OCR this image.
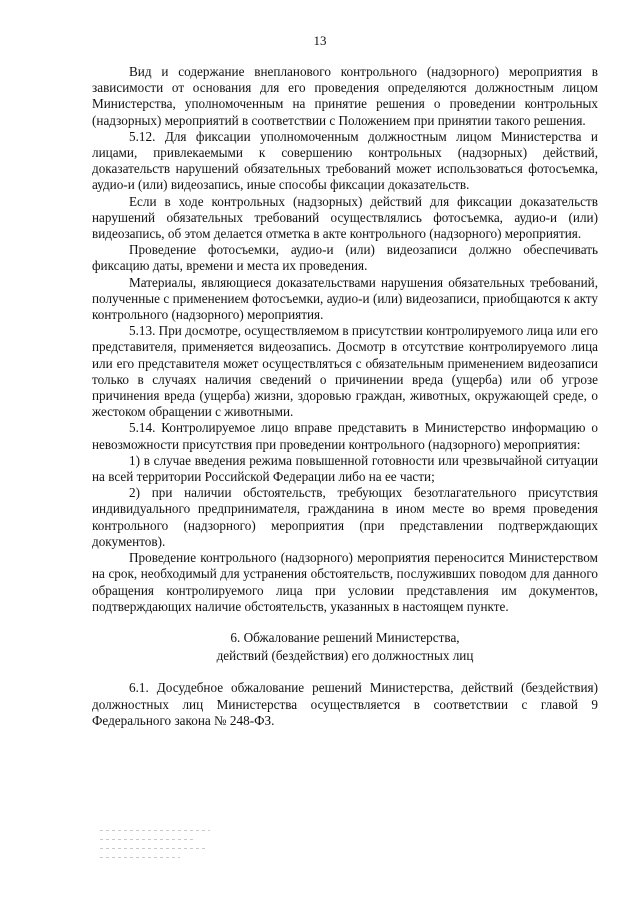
13

Вид и содержание внепланового контрольного (надзорного) мероприятия в зависимости от основания для его проведения определяются должностным лицом Министерства, уполномоченным на принятие решения о проведении контрольных (надзорных) мероприятий в соответствии с Положением при принятии такого решения.

5.12. Для фиксации уполномоченным должностным лицом Министерства и лицами, привлекаемыми к совершению контрольных (надзорных) действий, доказательств нарушений обязательных требований может использоваться фотосъемка, аудио-и (или) видеозапись, иные способы фиксации доказательств.

Если в ходе контрольных (надзорных) действий для фиксации доказательств нарушений обязательных требований осуществлялись фотосъемка, аудио-и (или) видеозапись, об этом делается отметка в акте контрольного (надзорного) мероприятия.

Проведение фотосъемки, аудио-и (или) видеозаписи должно обеспечивать фиксацию даты, времени и места их проведения.

Материалы, являющиеся доказательствами нарушения обязательных требований, полученные с применением фотосъемки, аудио-и (или) видеозаписи, приобщаются к акту контрольного (надзорного) мероприятия.

5.13. При досмотре, осуществляемом в присутствии контролируемого лица или его представителя, применяется видеозапись. Досмотр в отсутствие контролируемого лица или его представителя может осуществляться с обязательным применением видеозаписи только в случаях наличия сведений о причинении вреда (ущерба) или об угрозе причинения вреда (ущерба) жизни, здоровью граждан, животных, окружающей среде, о жестоком обращении с животными.

5.14. Контролируемое лицо вправе представить в Министерство информацию о невозможности присутствия при проведении контрольного (надзорного) мероприятия:

1) в случае введения режима повышенной готовности или чрезвычайной ситуации на всей территории Российской Федерации либо на ее части;

2) при наличии обстоятельств, требующих безотлагательного присутствия индивидуального предпринимателя, гражданина в ином месте во время проведения контрольного (надзорного) мероприятия (при представлении подтверждающих документов).

Проведение контрольного (надзорного) мероприятия переносится Министерством на срок, необходимый для устранения обстоятельств, послуживших поводом для данного обращения контролируемого лица при условии представления им документов, подтверждающих наличие обстоятельств, указанных в настоящем пункте.

6. Обжалование решений Министерства,

действий (бездействия) его должностных лиц

6.1. Досудебное обжалование решений Министерства, действий (бездействия) должностных лиц Министерства осуществляется в соответствии с главой 9 Федерального закона № 248-ФЗ.
